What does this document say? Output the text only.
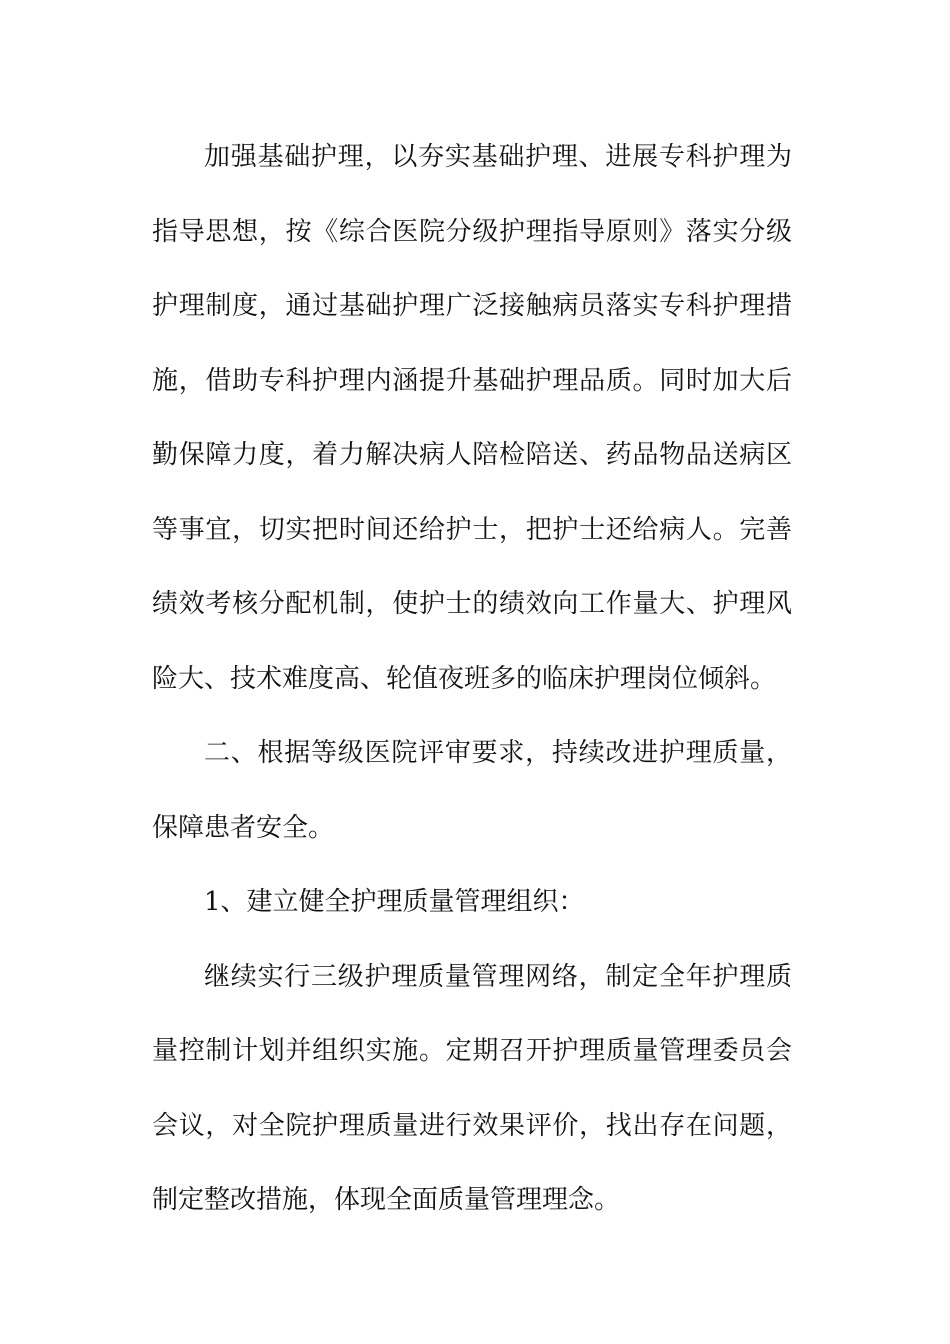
加强基础护理，以夯实基础护理、进展专科护理为指导思想，按《综合医院分级护理指导原则》落实分级护理制度，通过基础护理广泛接触病员落实专科护理措施，借助专科护理内涵提升基础护理品质。同时加大后勤保障力度，着力解决病人陪检陪送、药品物品送病区等事宜，切实把时间还给护士，把护士还给病人。完善绩效考核分配机制，使护士的绩效向工作量大、护理风险大、技术难度高、轮值夜班多的临床护理岗位倾斜。

二、根据等级医院评审要求，持续改进护理质量，保障患者安全。

1、建立健全护理质量管理组织：

继续实行三级护理质量管理网络，制定全年护理质量控制计划并组织实施。定期召开护理质量管理委员会会议，对全院护理质量进行效果评价，找出存在问题，制定整改措施，体现全面质量管理理念。
